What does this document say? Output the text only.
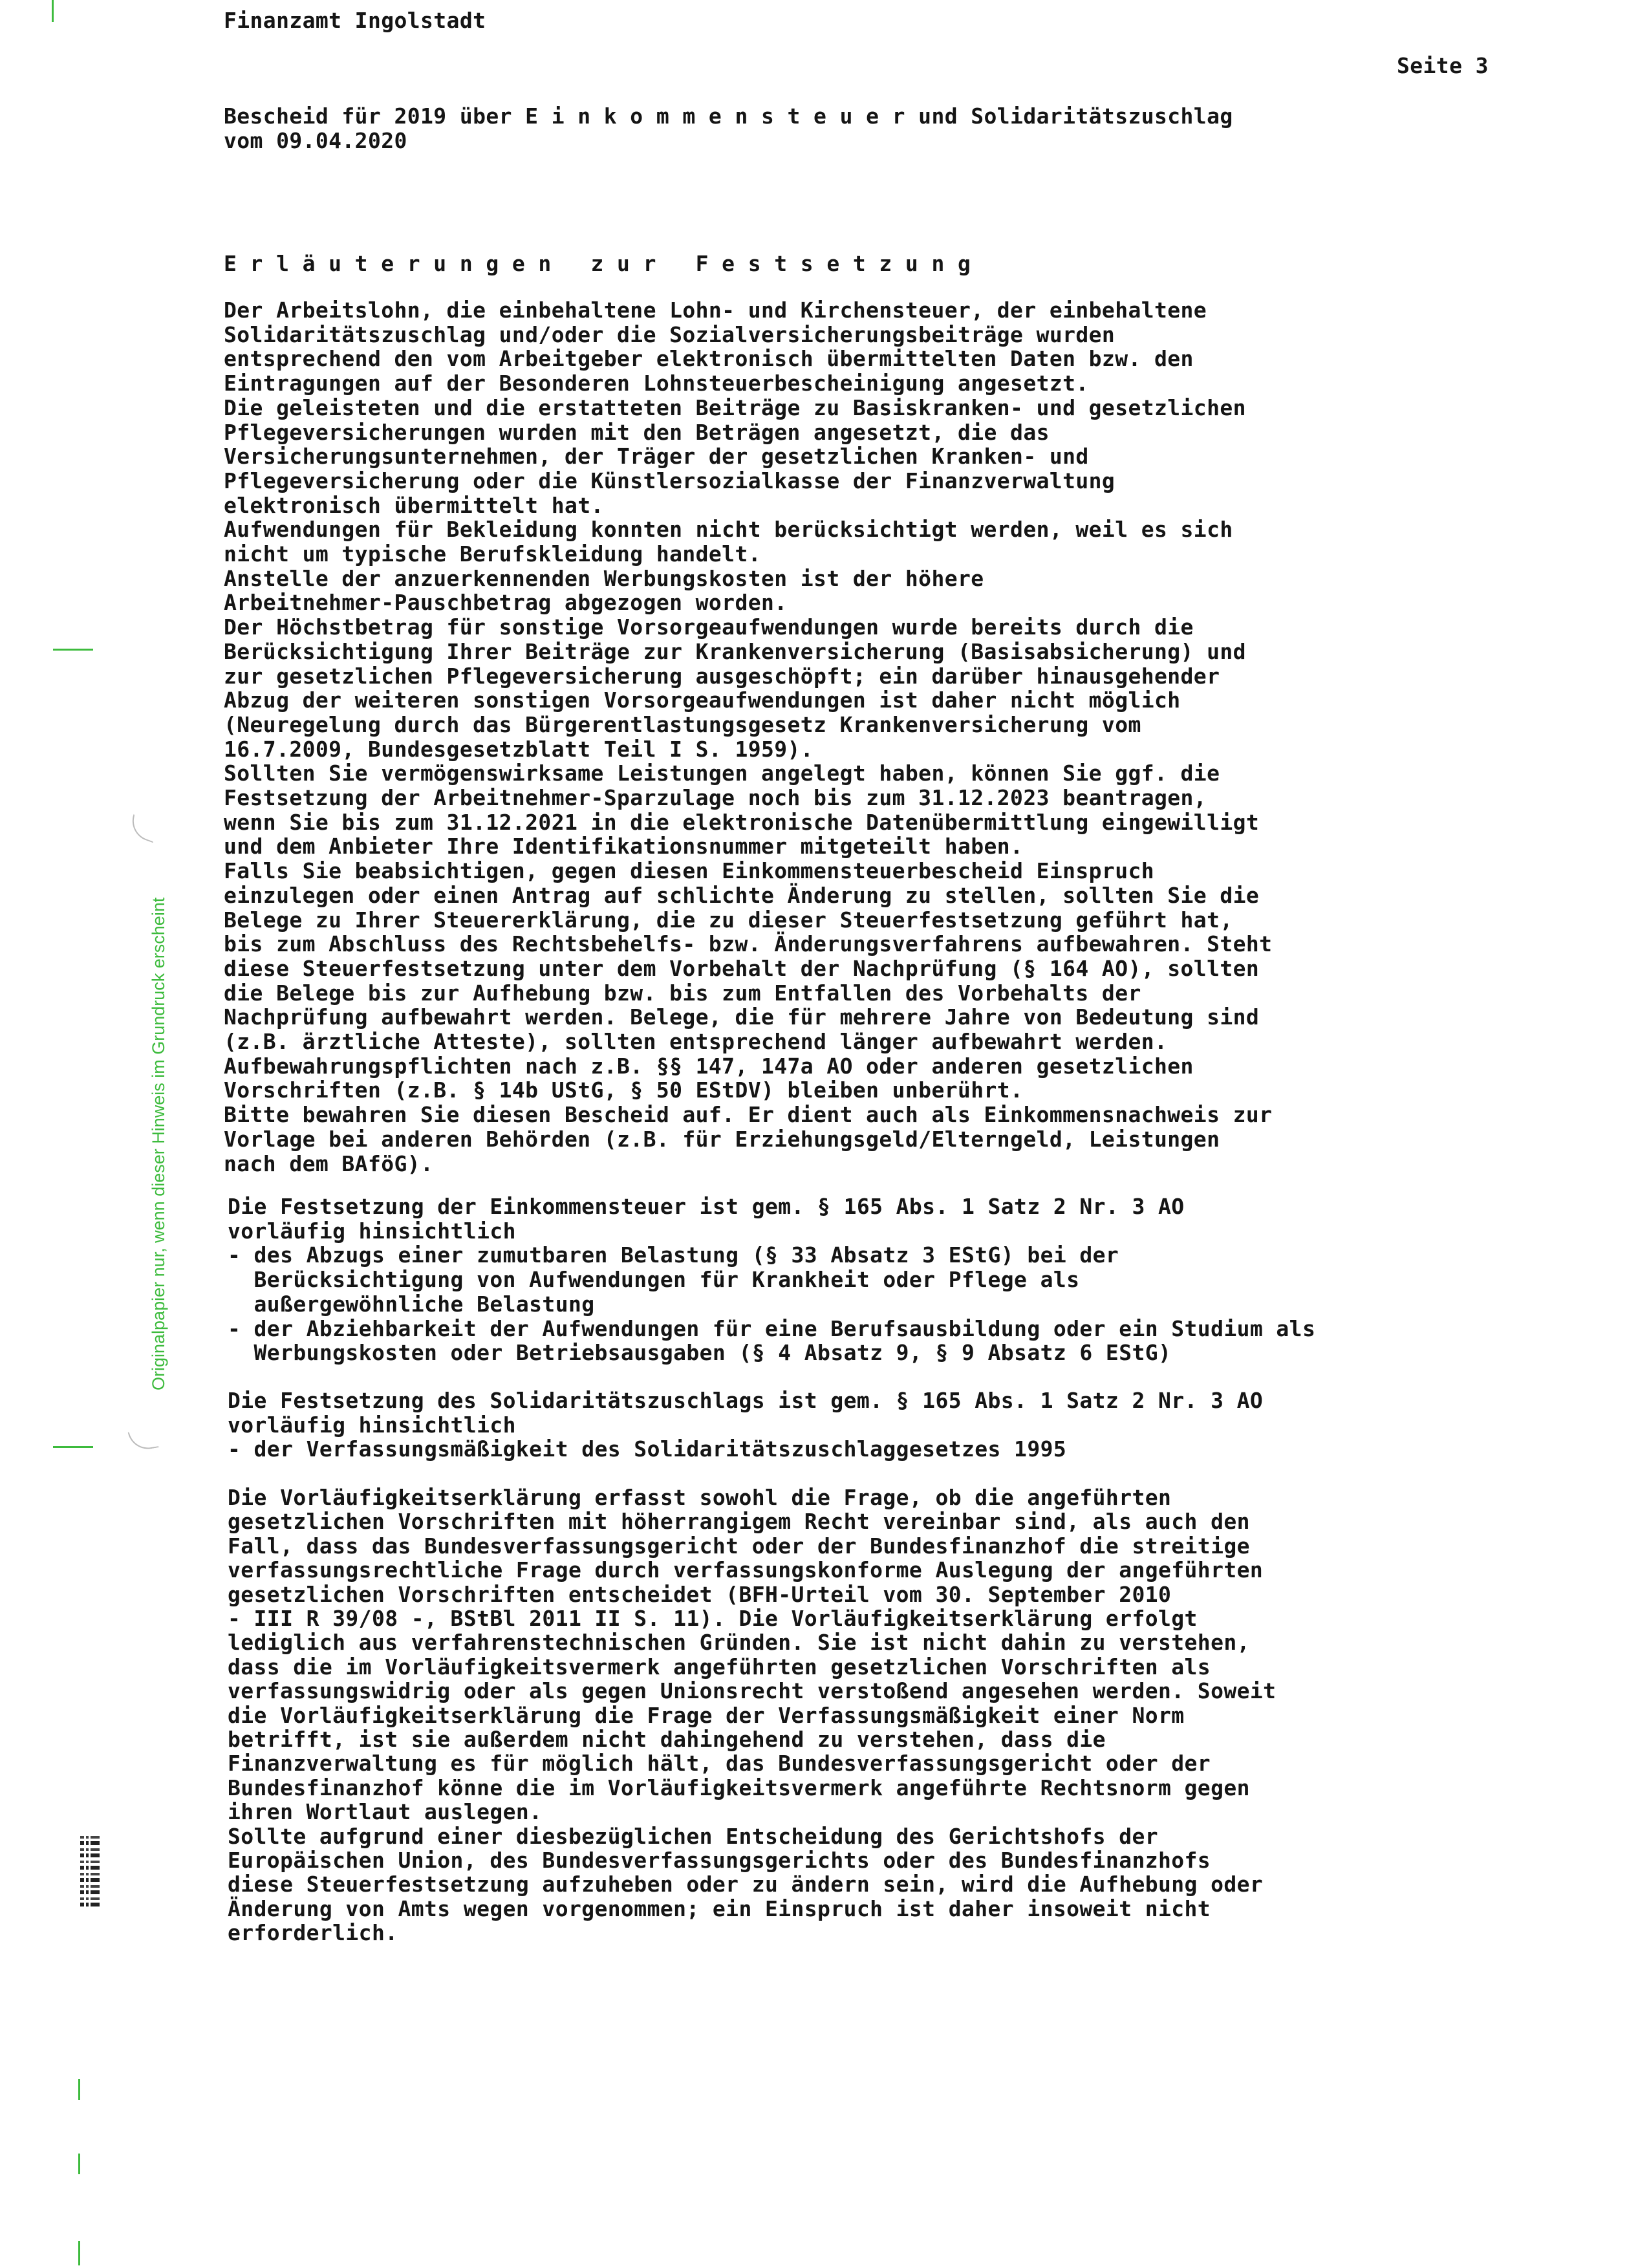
Finanzamt Ingolstadt
Seite 3

Bescheid für 2019 über E i n k o m m e n s t e u e r und Solidaritätszuschlag

vom 09.04.2020

E r l ä u t e r u n g e n   z u r   F e s t s e t z u n g
Der Arbeitslohn, die einbehaltene Lohn- und Kirchensteuer, der einbehaltene
Solidaritätszuschlag und/oder die Sozialversicherungsbeiträge wurden
entsprechend den vom Arbeitgeber elektronisch übermittelten Daten bzw. den
Eintragungen auf der Besonderen Lohnsteuerbescheinigung angesetzt.
Die geleisteten und die erstatteten Beiträge zu Basiskranken- und gesetzlichen
Pflegeversicherungen wurden mit den Beträgen angesetzt, die das
Versicherungsunternehmen, der Träger der gesetzlichen Kranken- und
Pflegeversicherung oder die Künstlersozialkasse der Finanzverwaltung
elektronisch übermittelt hat.
Aufwendungen für Bekleidung konnten nicht berücksichtigt werden, weil es sich
nicht um typische Berufskleidung handelt.
Anstelle der anzuerkennenden Werbungskosten ist der höhere
Arbeitnehmer-Pauschbetrag abgezogen worden.
Der Höchstbetrag für sonstige Vorsorgeaufwendungen wurde bereits durch die
Berücksichtigung Ihrer Beiträge zur Krankenversicherung (Basisabsicherung) und
zur gesetzlichen Pflegeversicherung ausgeschöpft; ein darüber hinausgehender
Abzug der weiteren sonstigen Vorsorgeaufwendungen ist daher nicht möglich
(Neuregelung durch das Bürgerentlastungsgesetz Krankenversicherung vom
16.7.2009, Bundesgesetzblatt Teil I S. 1959).
Sollten Sie vermögenswirksame Leistungen angelegt haben, können Sie ggf. die
Festsetzung der Arbeitnehmer-Sparzulage noch bis zum 31.12.2023 beantragen,
wenn Sie bis zum 31.12.2021 in die elektronische Datenübermittlung eingewilligt
und dem Anbieter Ihre Identifikationsnummer mitgeteilt haben.
Falls Sie beabsichtigen, gegen diesen Einkommensteuerbescheid Einspruch
einzulegen oder einen Antrag auf schlichte Änderung zu stellen, sollten Sie die
Belege zu Ihrer Steuererklärung, die zu dieser Steuerfestsetzung geführt hat,
bis zum Abschluss des Rechtsbehelfs- bzw. Änderungsverfahrens aufbewahren. Steht
diese Steuerfestsetzung unter dem Vorbehalt der Nachprüfung (§ 164 AO), sollten
die Belege bis zur Aufhebung bzw. bis zum Entfallen des Vorbehalts der
Nachprüfung aufbewahrt werden. Belege, die für mehrere Jahre von Bedeutung sind
(z.B. ärztliche Atteste), sollten entsprechend länger aufbewahrt werden.
Aufbewahrungspflichten nach z.B. §§ 147, 147a AO oder anderen gesetzlichen
Vorschriften (z.B. § 14b UStG, § 50 EStDV) bleiben unberührt.
Bitte bewahren Sie diesen Bescheid auf. Er dient auch als Einkommensnachweis zur
Vorlage bei anderen Behörden (z.B. für Erziehungsgeld/Elterngeld, Leistungen
nach dem BAföG).
Die Festsetzung der Einkommensteuer ist gem. § 165 Abs. 1 Satz 2 Nr. 3 AO
vorläufig hinsichtlich
- des Abzugs einer zumutbaren Belastung (§ 33 Absatz 3 EStG) bei der
Berücksichtigung von Aufwendungen für Krankheit oder Pflege als
außergewöhnliche Belastung
- der Abziehbarkeit der Aufwendungen für eine Berufsausbildung oder ein Studium als
Werbungskosten oder Betriebsausgaben (§ 4 Absatz 9, § 9 Absatz 6 EStG)
Die Festsetzung des Solidaritätszuschlags ist gem. § 165 Abs. 1 Satz 2 Nr. 3 AO
vorläufig hinsichtlich
- der Verfassungsmäßigkeit des Solidaritätszuschlaggesetzes 1995
Die Vorläufigkeitserklärung erfasst sowohl die Frage, ob die angeführten
gesetzlichen Vorschriften mit höherrangigem Recht vereinbar sind, als auch den
Fall, dass das Bundesverfassungsgericht oder der Bundesfinanzhof die streitige
verfassungsrechtliche Frage durch verfassungskonforme Auslegung der angeführten
gesetzlichen Vorschriften entscheidet (BFH-Urteil vom 30. September 2010
- III R 39/08 -, BStBl 2011 II S. 11). Die Vorläufigkeitserklärung erfolgt
lediglich aus verfahrenstechnischen Gründen. Sie ist nicht dahin zu verstehen,
dass die im Vorläufigkeitsvermerk angeführten gesetzlichen Vorschriften als
verfassungswidrig oder als gegen Unionsrecht verstoßend angesehen werden. Soweit
die Vorläufigkeitserklärung die Frage der Verfassungsmäßigkeit einer Norm
betrifft, ist sie außerdem nicht dahingehend zu verstehen, dass die
Finanzverwaltung es für möglich hält, das Bundesverfassungsgericht oder der
Bundesfinanzhof könne die im Vorläufigkeitsvermerk angeführte Rechtsnorm gegen
ihren Wortlaut auslegen.
Sollte aufgrund einer diesbezüglichen Entscheidung des Gerichtshofs der
Europäischen Union, des Bundesverfassungsgerichts oder des Bundesfinanzhofs
diese Steuerfestsetzung aufzuheben oder zu ändern sein, wird die Aufhebung oder
Änderung von Amts wegen vorgenommen; ein Einspruch ist daher insoweit nicht
erforderlich.
Originalpapier nur, wenn dieser Hinweis im Grundruck erscheint
